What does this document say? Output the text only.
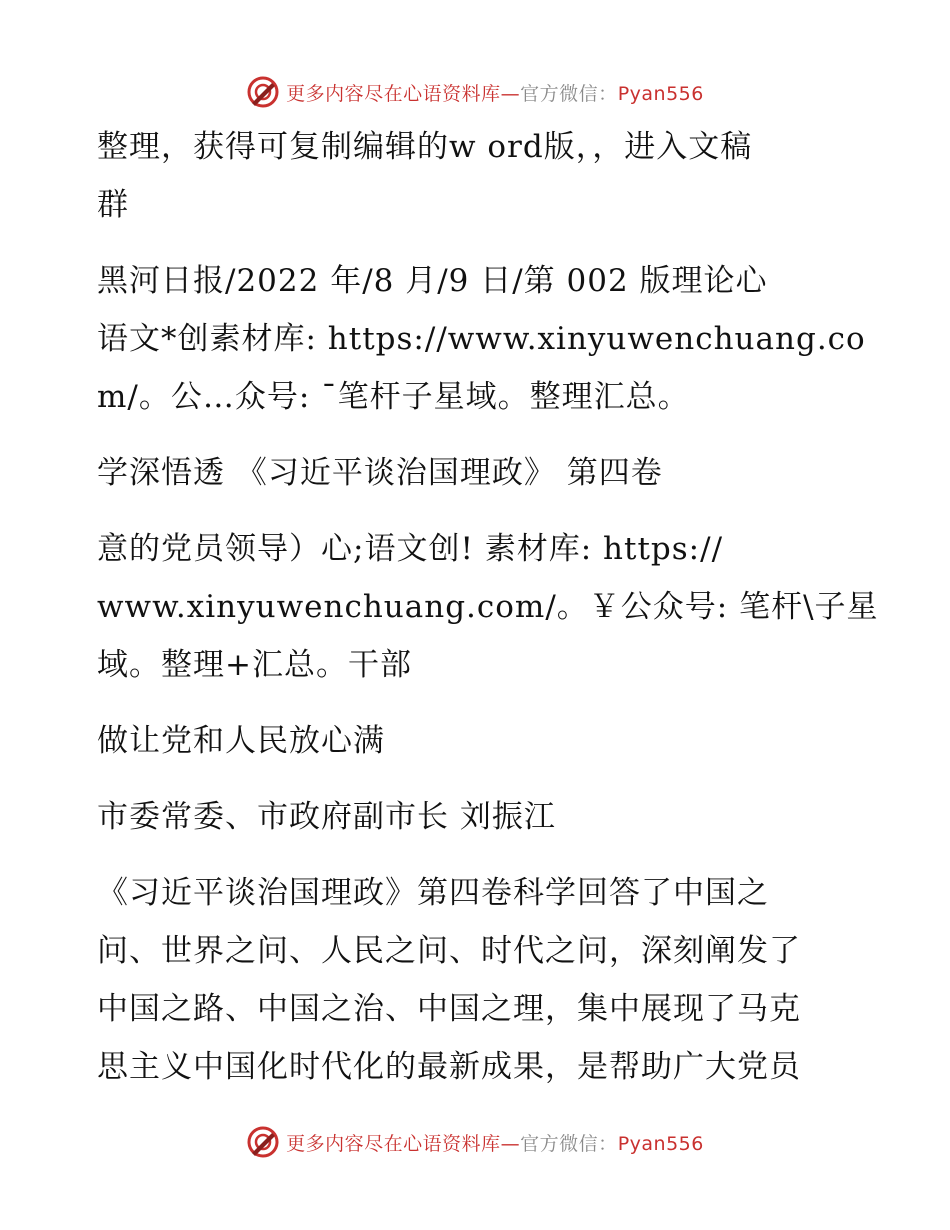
更多内容尽在心语资料库—官方微信：Pyan556
整理，获得可复制编辑的w ord版，，进入文稿
群
黑河日报/2022 年/8 月/9 日/第 002 版理论心
语文*创素材库: https://www.xinyuwenchuang.co
m/。公…众号: ˉ笔杆子星域。整理汇总。
学深悟透 《习近平谈治国理政》 第四卷
意的党员领导）心;语文创! 素材库: https://
www.xinyuwenchuang.com/。￥公众号: 笔杆\子星
域。整理+汇总。干部
做让党和人民放心满
市委常委、市政府副市长 刘振江
《习近平谈治国理政》第四卷科学回答了中国之
问、世界之问、人民之问、时代之问，深刻阐发了
中国之路、中国之治、中国之理，集中展现了马克
思主义中国化时代化的最新成果，是帮助广大党员
更多内容尽在心语资料库—官方微信：Pyan556
